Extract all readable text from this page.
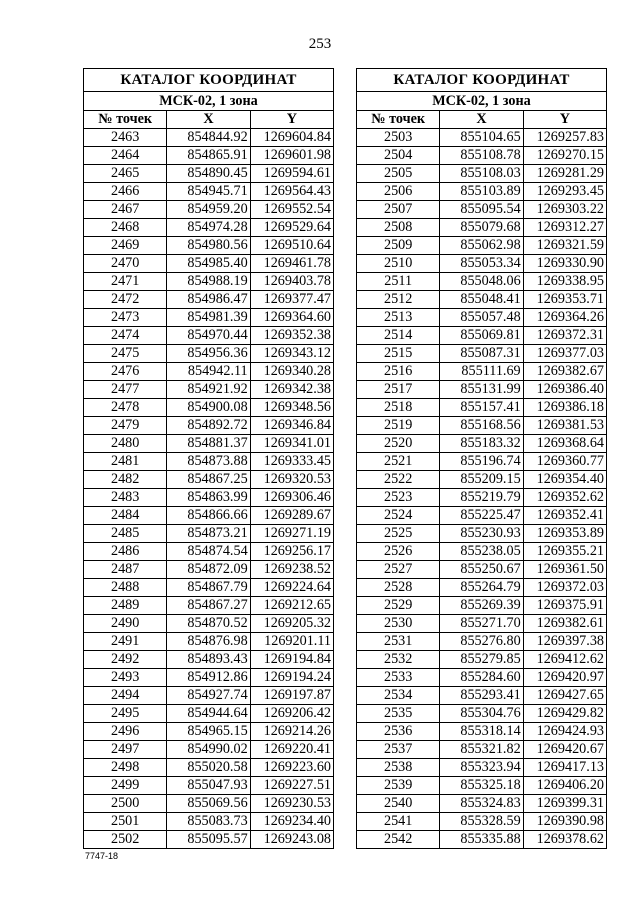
253
КАТАЛОГ КООРДИНАТ		
МСК-02, 1 зона		
№ точек	X	Y
2463	854844.92	1269604.84
2464	854865.91	1269601.98
2465	854890.45	1269594.61
2466	854945.71	1269564.43
2467	854959.20	1269552.54
2468	854974.28	1269529.64
2469	854980.56	1269510.64
2470	854985.40	1269461.78
2471	854988.19	1269403.78
2472	854986.47	1269377.47
2473	854981.39	1269364.60
2474	854970.44	1269352.38
2475	854956.36	1269343.12
2476	854942.11	1269340.28
2477	854921.92	1269342.38
2478	854900.08	1269348.56
2479	854892.72	1269346.84
2480	854881.37	1269341.01
2481	854873.88	1269333.45
2482	854867.25	1269320.53
2483	854863.99	1269306.46
2484	854866.66	1269289.67
2485	854873.21	1269271.19
2486	854874.54	1269256.17
2487	854872.09	1269238.52
2488	854867.79	1269224.64
2489	854867.27	1269212.65
2490	854870.52	1269205.32
2491	854876.98	1269201.11
2492	854893.43	1269194.84
2493	854912.86	1269194.24
2494	854927.74	1269197.87
2495	854944.64	1269206.42
2496	854965.15	1269214.26
2497	854990.02	1269220.41
2498	855020.58	1269223.60
2499	855047.93	1269227.51
2500	855069.56	1269230.53
2501	855083.73	1269234.40
2502	855095.57	1269243.08
КАТАЛОГ КООРДИНАТ		
МСК-02, 1 зона		
№ точек	X	Y
2503	855104.65	1269257.83
2504	855108.78	1269270.15
2505	855108.03	1269281.29
2506	855103.89	1269293.45
2507	855095.54	1269303.22
2508	855079.68	1269312.27
2509	855062.98	1269321.59
2510	855053.34	1269330.90
2511	855048.06	1269338.95
2512	855048.41	1269353.71
2513	855057.48	1269364.26
2514	855069.81	1269372.31
2515	855087.31	1269377.03
2516	855111.69	1269382.67
2517	855131.99	1269386.40
2518	855157.41	1269386.18
2519	855168.56	1269381.53
2520	855183.32	1269368.64
2521	855196.74	1269360.77
2522	855209.15	1269354.40
2523	855219.79	1269352.62
2524	855225.47	1269352.41
2525	855230.93	1269353.89
2526	855238.05	1269355.21
2527	855250.67	1269361.50
2528	855264.79	1269372.03
2529	855269.39	1269375.91
2530	855271.70	1269382.61
2531	855276.80	1269397.38
2532	855279.85	1269412.62
2533	855284.60	1269420.97
2534	855293.41	1269427.65
2535	855304.76	1269429.82
2536	855318.14	1269424.93
2537	855321.82	1269420.67
2538	855323.94	1269417.13
2539	855325.18	1269406.20
2540	855324.83	1269399.31
2541	855328.59	1269390.98
2542	855335.88	1269378.62
7747-18
